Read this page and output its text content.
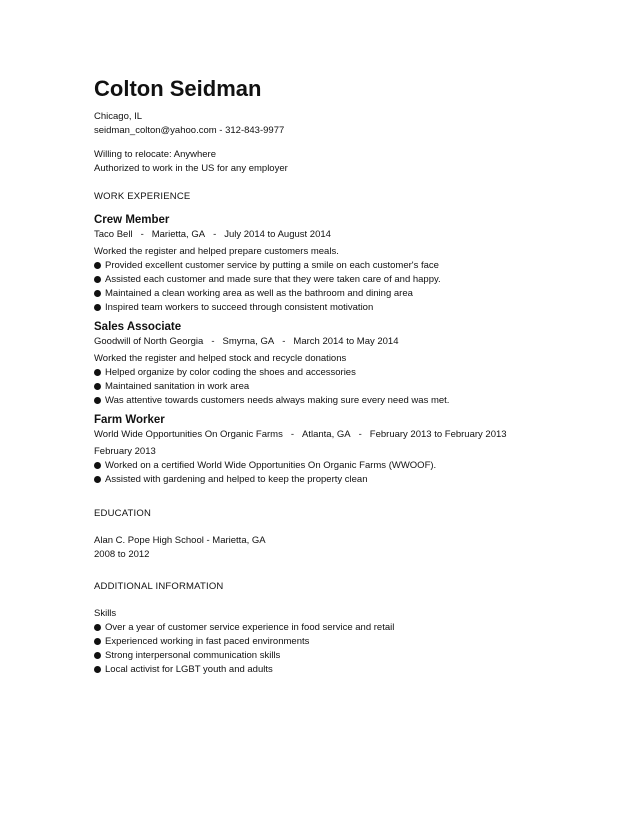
Colton Seidman
Chicago, IL
seidman_colton@yahoo.com - 312-843-9977
Willing to relocate: Anywhere
Authorized to work in the US for any employer
WORK EXPERIENCE
Crew Member
Taco Bell - Marietta, GA - July 2014 to August 2014
Worked the register and helped prepare customers meals.
Provided excellent customer service by putting a smile on each customer's face
Assisted each customer and made sure that they were taken care of and happy.
Maintained a clean working area as well as the bathroom and dining area
Inspired team workers to succeed through consistent motivation
Sales Associate
Goodwill of North Georgia - Smyrna, GA - March 2014 to May 2014
Worked the register and helped stock and recycle donations
Helped organize by color coding the shoes and accessories
Maintained sanitation in work area
Was attentive towards customers needs always making sure every need was met.
Farm Worker
World Wide Opportunities On Organic Farms - Atlanta, GA - February 2013 to February 2013
February 2013
Worked on a certified World Wide Opportunities On Organic Farms (WWOOF).
Assisted with gardening and helped to keep the property clean
EDUCATION
Alan C. Pope High School - Marietta, GA
2008 to 2012
ADDITIONAL INFORMATION
Skills
Over a year of customer service experience in food service and retail
Experienced working in fast paced environments
Strong interpersonal communication skills
Local activist for LGBT youth and adults
